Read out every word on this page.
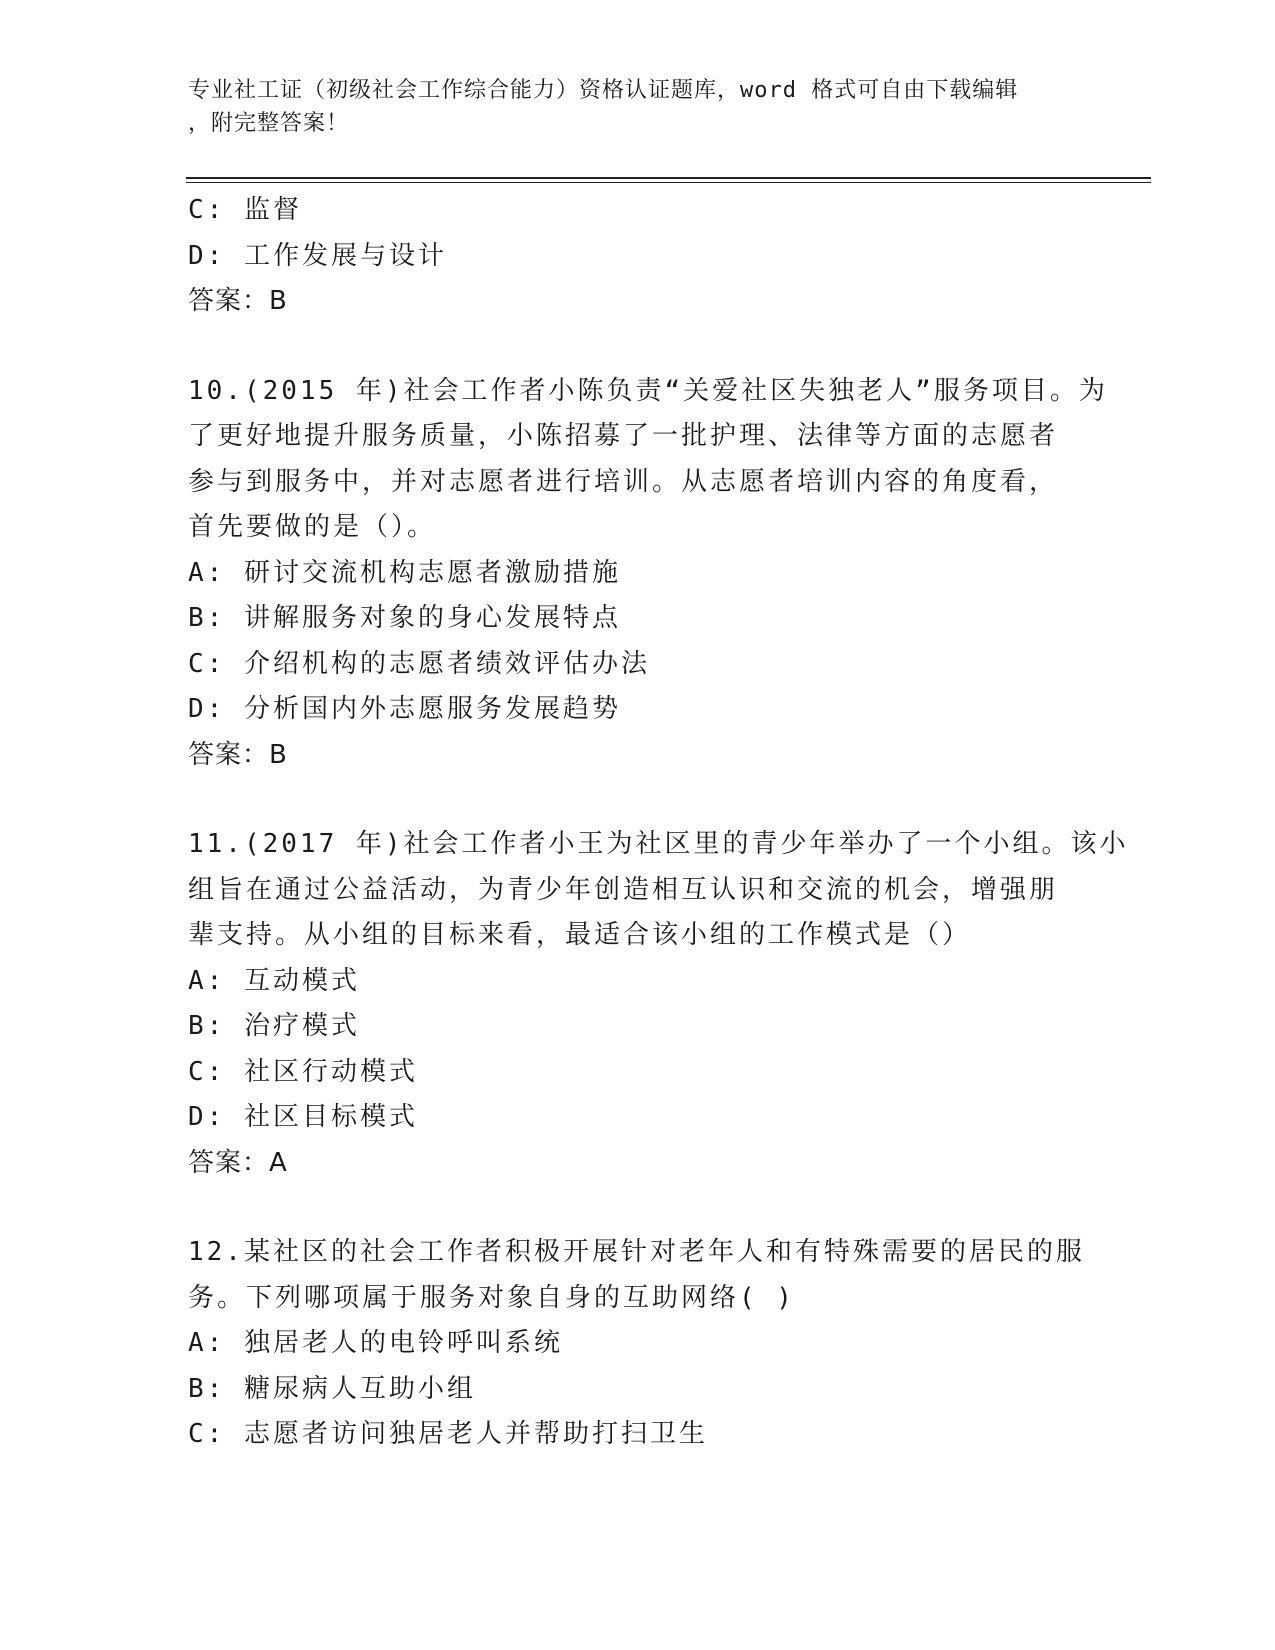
专业社工证（初级社会工作综合能力）资格认证题库，word 格式可自由下载编辑
，附完整答案！
C: 监督
D: 工作发展与设计
答案：B
10.(2015 年)社会工作者小陈负责“关爱社区失独老人”服务项目。为
了更好地提升服务质量，小陈招募了一批护理、法律等方面的志愿者
参与到服务中，并对志愿者进行培训。从志愿者培训内容的角度看，
首先要做的是（）。
A: 研讨交流机构志愿者激励措施
B: 讲解服务对象的身心发展特点
C: 介绍机构的志愿者绩效评估办法
D: 分析国内外志愿服务发展趋势
答案：B
11.(2017 年)社会工作者小王为社区里的青少年举办了一个小组。该小
组旨在通过公益活动，为青少年创造相互认识和交流的机会，增强朋
辈支持。从小组的目标来看，最适合该小组的工作模式是（）
A: 互动模式
B: 治疗模式
C: 社区行动模式
D: 社区目标模式
答案：A
12.某社区的社会工作者积极开展针对老年人和有特殊需要的居民的服
务。下列哪项属于服务对象自身的互助网络( )
A: 独居老人的电铃呼叫系统
B: 糖尿病人互助小组
C: 志愿者访问独居老人并帮助打扫卫生
